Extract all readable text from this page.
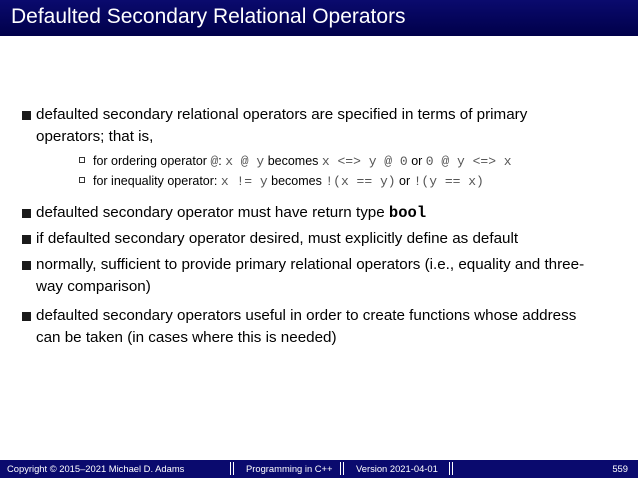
Defaulted Secondary Relational Operators
defaulted secondary relational operators are specified in terms of primary operators; that is,
for ordering operator @: x @ y becomes x <=> y @ 0 or 0 @ y <=> x
for inequality operator: x != y becomes !(x == y) or !(y == x)
defaulted secondary operator must have return type bool
if defaulted secondary operator desired, must explicitly define as default
normally, sufficient to provide primary relational operators (i.e., equality and three-way comparison)
defaulted secondary operators useful in order to create functions whose address can be taken (in cases where this is needed)
Copyright © 2015–2021 Michael D. Adams	Programming in C++	Version 2021-04-01	559
